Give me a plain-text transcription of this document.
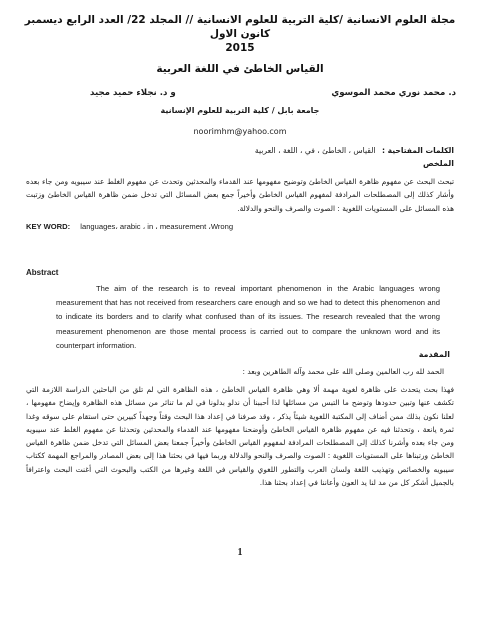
مجلة العلوم الانسانية /كلية التربية للعلوم الانسانية // المجلد 22/ العدد الرابع ديسمبر كانون الاول
2015
القياس الخاطئ في اللغة العربية
د. محمد نوري محمد الموسوي
و د. نجلاء حميد مجيد
جامعة بابل / كلية التربية للعلوم الإنسانية
noorimhm@yahoo.com
الكلمات المفتاحية : القياس ، الخاطئ ، في ، اللغة ، العربية
الملخص
تبحث البحث عن مفهوم ظاهرة القياس الخاطئ وتوضيح مفهومها عند القدماء والمحدثين وتحدث عن مفهوم الغلط عند سيبويه ومن جاء بعده وأشار كذلك إلى المصطلحات المرادفة لمفهوم القياس الخاطئ وأخيراً جمع بعض المسائل التي تدخل ضمن ظاهرة القياس الخاطئ وزتبت هذه المسائل على المستويات اللغوية : الصوت والصرف والنحو والدلالة.
KEY WORD: languages، arabic ، in ، measurement ،Wrong
Abstract
The aim of the research is to reveal important phenomenon in the Arabic languages wrong measurement that has not received from researchers care enough and so we had to detect this phenomenon and to indicate its borders and to clarify what confused than of its issues. The research revealed that the wrong measurement phenomenon are those mental process is carried out to compare the unknown word and its counterpart information.
المقدمة
الحمد لله رب العالمين وصلى الله على محمد وآله الطاهرين وبعد :
فهذا بحث يتحدث على ظاهرة لغوية مهمة ألا وهي ظاهرة القياس الخاطئ ، هذه الظاهرة التي لم تلق من الباحثين الدراسة اللازمة التي تكشف عنها وتبين حدودها وتوضح ما التبس من مسائلها لذا أحببنا أن ندلو بدلونا في لم ما تناثر من مسائل هذه الظاهرة وإيضاح مفهومها ، لعلنا نكون بذلك ممن أضاف إلى المكتبة اللغوية شيئاً يذكر ، وقد صرفنا في إعداد هذا البحث وقتاً وجهداً كبيرين حتى استقام على سوقه وغدا ثمرة يانعة ، وتحدثنا فيه عن مفهوم ظاهرة القياس الخاطئ وأوضحنا مفهومها عند القدماء والمحدثين وتحدثنا عن مفهوم الغلط عند سيبويه ومن جاء بعده وأشرنا كذلك إلى المصطلحات المرادفة لمفهوم القياس الخاطئ وأخيراً جمعنا بعض المسائل التي تدخل ضمن ظاهرة القياس الخاطئ ورتبناها على المستويات اللغوية : الصوت والصرف والنحو والدلالة وربما فيها في بحثنا هذا إلى بعض المصادر والمراجع المهمة ككتاب سيبويه والخصائص وتهذيب اللغة ولسان العرب والتطور اللغوي والقياس في اللغة وغيرها من الكتب والبحوث التي أغنت البحث واعترافاً بالجميل أشكر كل من مد لنا يد العون وأعاننا في إعداد بحثنا هذا.
1
